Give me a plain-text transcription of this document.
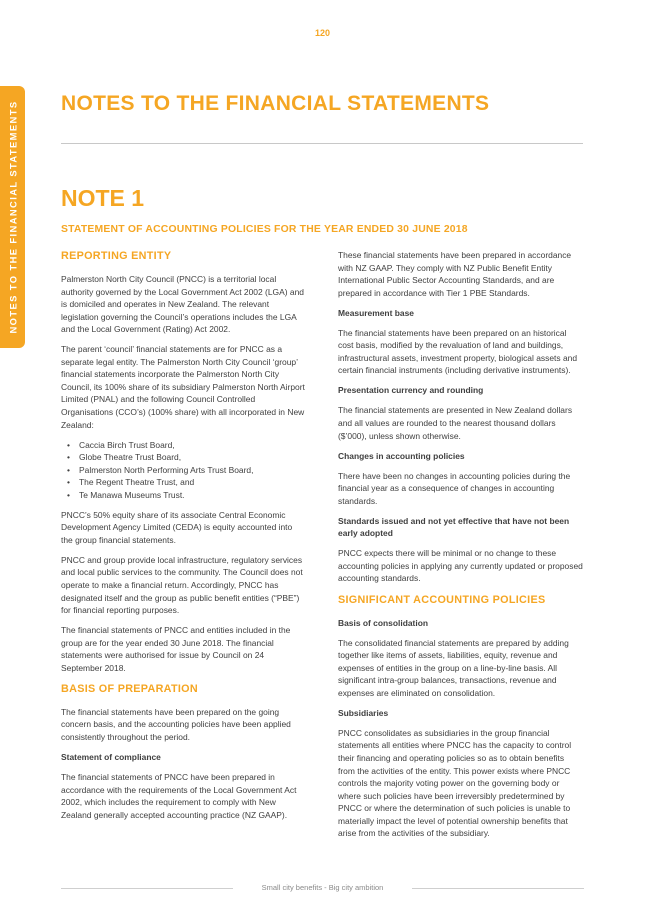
120
NOTES TO THE FINANCIAL STATEMENTS NOTES TO THE FINANCIAL STATEMENTS
NOTE 1
STATEMENT OF ACCOUNTING POLICIES FOR THE YEAR ENDED 30 JUNE 2018
REPORTING ENTITY

Palmerston North City Council (PNCC) is a territorial local authority governed by the Local Government Act 2002 (LGA) and is domiciled and operates in New Zealand. The relevant legislation governing the Council’s operations includes the LGA and the Local Government (Rating) Act 2002.

The parent ‘council’ financial statements are for PNCC as a separate legal entity. The Palmerston North City Council ‘group’ financial statements incorporate the Palmerston North City Council, its 100% share of its subsidiary Palmerston North Airport Limited (PNAL) and the following Council Controlled Organisations (CCO’s) (100% share) with all incorporated in New Zealand:

• Caccia Birch Trust Board,
• Globe Theatre Trust Board,
• Palmerston North Performing Arts Trust Board,
• The Regent Theatre Trust, and
• Te Manawa Museums Trust.

PNCC’s 50% equity share of its associate Central Economic Development Agency Limited (CEDA) is equity accounted into the group financial statements.

PNCC and group provide local infrastructure, regulatory services and local public services to the community. The Council does not operate to make a financial return. Accordingly, PNCC has designated itself and the group as public benefit entities (“PBE”) for financial reporting purposes.

The financial statements of PNCC and entities included in the group are for the year ended 30 June 2018. The financial statements were authorised for issue by Council on 24 September 2018.

BASIS OF PREPARATION

The financial statements have been prepared on the going concern basis, and the accounting policies have been applied consistently throughout the period.

Statement of compliance

The financial statements of PNCC have been prepared in accordance with the requirements of the Local Government Act 2002, which includes the requirement to comply with New Zealand generally accepted accounting practice (NZ GAAP).

These financial statements have been prepared in accordance with NZ GAAP. They comply with NZ Public Benefit Entity International Public Sector Accounting Standards, and are prepared in accordance with Tier 1 PBE Standards.

Measurement base

The financial statements have been prepared on an historical cost basis, modified by the revaluation of land and buildings, infrastructural assets, investment property, biological assets and certain financial instruments (including derivative instruments).

Presentation currency and rounding

The financial statements are presented in New Zealand dollars and all values are rounded to the nearest thousand dollars ($’000), unless shown otherwise.

Changes in accounting policies

There have been no changes in accounting policies during the financial year as a consequence of changes in accounting standards.

Standards issued and not yet effective that have not been early adopted

PNCC expects there will be minimal or no change to these accounting policies in applying any currently updated or proposed accounting standards.

SIGNIFICANT ACCOUNTING POLICIES
Basis of consolidation

The consolidated financial statements are prepared by adding together like items of assets, liabilities, equity, revenue and expenses of entities in the group on a line-by-line basis. All significant intra-group balances, transactions, revenue and expenses are eliminated on consolidation.

Subsidiaries

PNCC consolidates as subsidiaries in the group financial statements all entities where PNCC has the capacity to control their financing and operating policies so as to obtain benefits from the activities of the entity. This power exists where PNCC controls the majority voting power on the governing body or where such policies have been irreversibly predetermined by PNCC or where the determination of such policies is unable to materially impact the level of potential ownership benefits that arise from the activities of the subsidiary.

Small city benefits - Big city ambition
